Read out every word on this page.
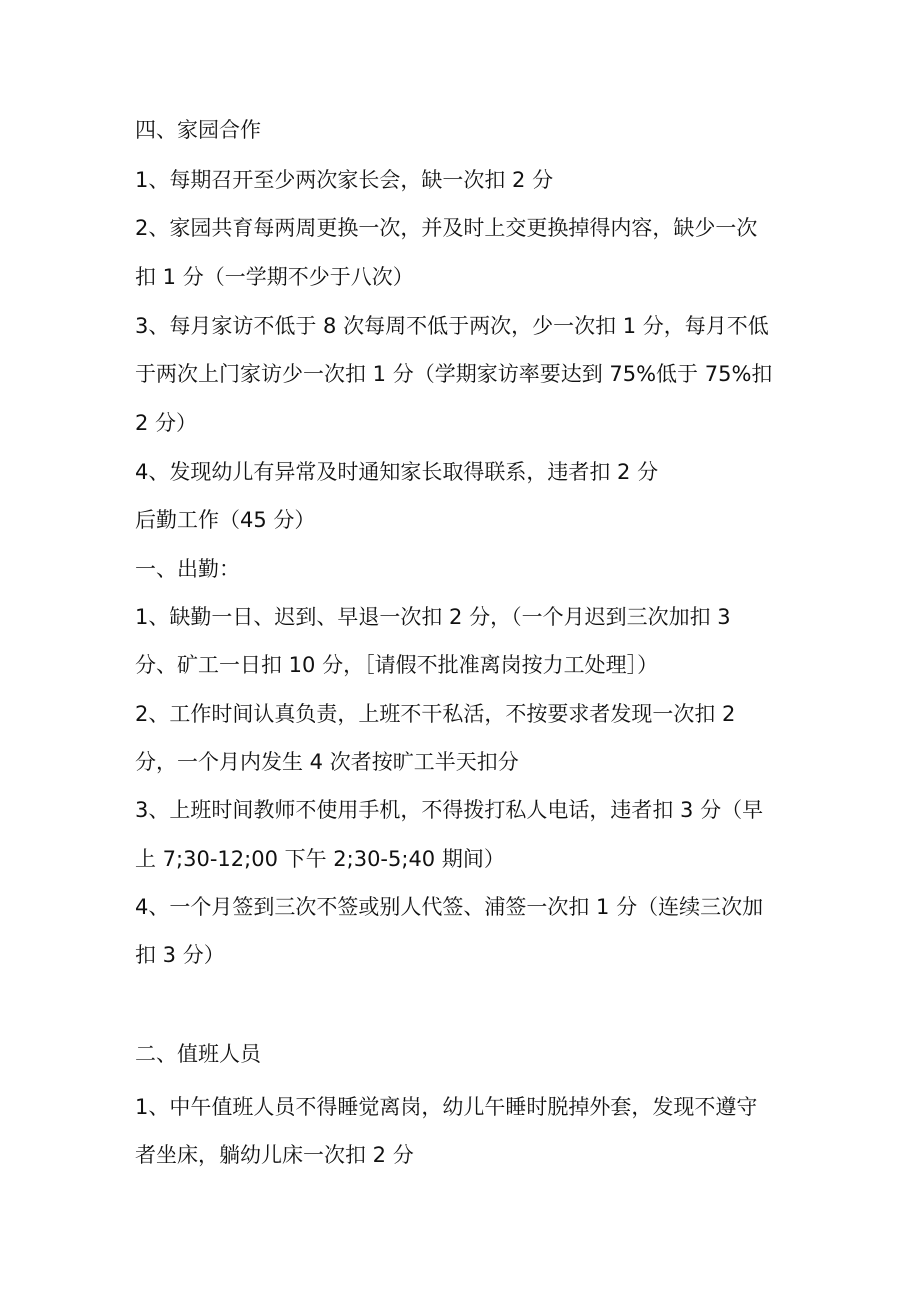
四、家园合作
1、每期召开至少两次家长会，缺一次扣 2 分
2、家园共育每两周更换一次，并及时上交更换掉得内容，缺少一次
扣 1 分（一学期不少于八次）
3、每月家访不低于 8 次每周不低于两次，少一次扣 1 分，每月不低
于两次上门家访少一次扣 1 分（学期家访率要达到 75%低于 75%扣
2 分）
4、发现幼儿有异常及时通知家长取得联系，违者扣 2 分
后勤工作（45 分）
一、出勤：
1、缺勤一日、迟到、早退一次扣 2 分，（一个月迟到三次加扣 3
分、矿工一日扣 10 分，［请假不批准离岗按力工处理］）
2、工作时间认真负责，上班不干私活，不按要求者发现一次扣 2
分，一个月内发生 4 次者按旷工半天扣分
3、上班时间教师不使用手机，不得拨打私人电话，违者扣 3 分（早
上 7;30-12;00 下午 2;30-5;40 期间）
4、一个月签到三次不签或别人代签、浦签一次扣 1 分（连续三次加
扣 3 分）
二、值班人员
1、中午值班人员不得睡觉离岗，幼儿午睡时脱掉外套，发现不遵守
者坐床，躺幼儿床一次扣 2 分
